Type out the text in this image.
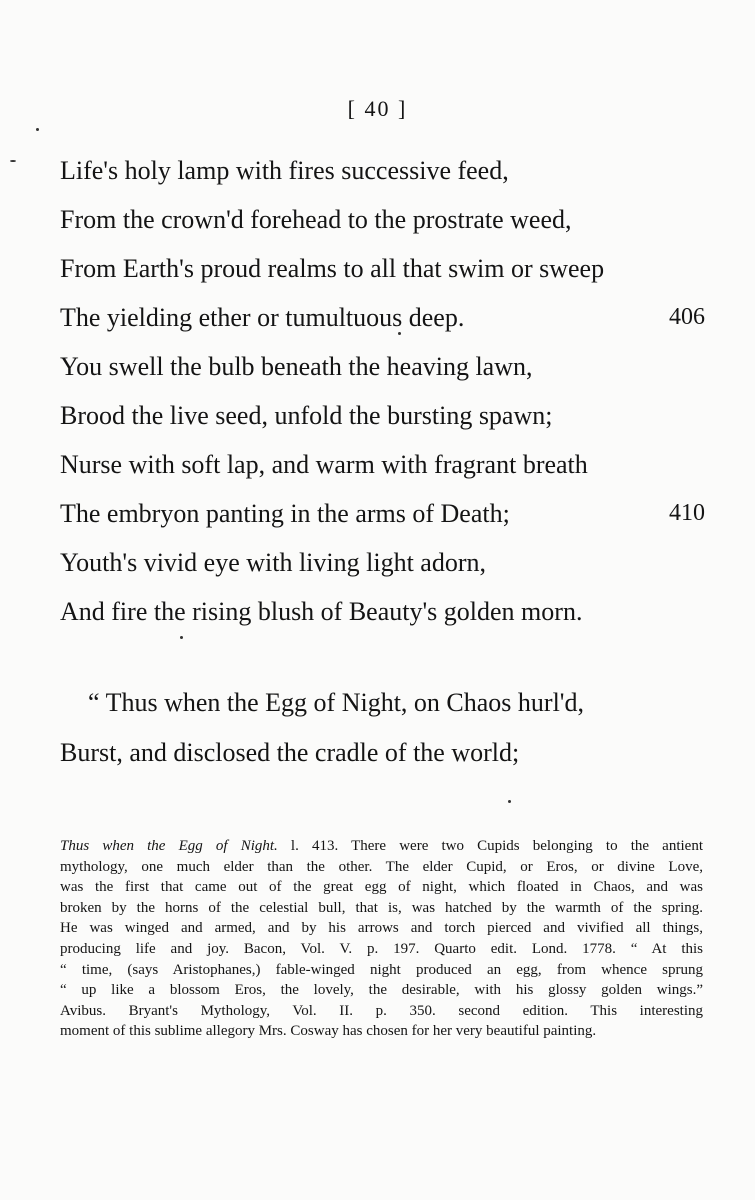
[ 40 ]
Life's holy lamp with fires successive feed,
From the crown'd forehead to the prostrate weed,
From Earth's proud realms to all that swim or sweep
The yielding ether or tumultuous deep.	406
You swell the bulb beneath the heaving lawn,
Brood the live seed, unfold the bursting spawn;
Nurse with soft lap, and warm with fragrant breath
The embryon panting in the arms of Death;	410
Youth's vivid eye with living light adorn,
And fire the rising blush of Beauty's golden morn.
“ Thus when the Egg of Night, on Chaos hurl'd,
Burst, and disclosed the cradle of the world;
Thus when the Egg of Night. l. 413. There were two Cupids belonging to the antient
mythology, one much elder than the other. The elder Cupid, or Eros, or divine Love,
was the first that came out of the great egg of night, which floated in Chaos, and was
broken by the horns of the celestial bull, that is, was hatched by the warmth of the spring.
He was winged and armed, and by his arrows and torch pierced and vivified all things,
producing life and joy. Bacon, Vol. V. p. 197. Quarto edit. Lond. 1778. “ At this
“ time, (says Aristophanes,) fable-winged night produced an egg, from whence sprung
“ up like a blossom Eros, the lovely, the desirable, with his glossy golden wings.”
Avibus. Bryant's Mythology, Vol. II. p. 350. second edition. This interesting
moment of this sublime allegory Mrs. Cosway has chosen for her very beautiful painting.
